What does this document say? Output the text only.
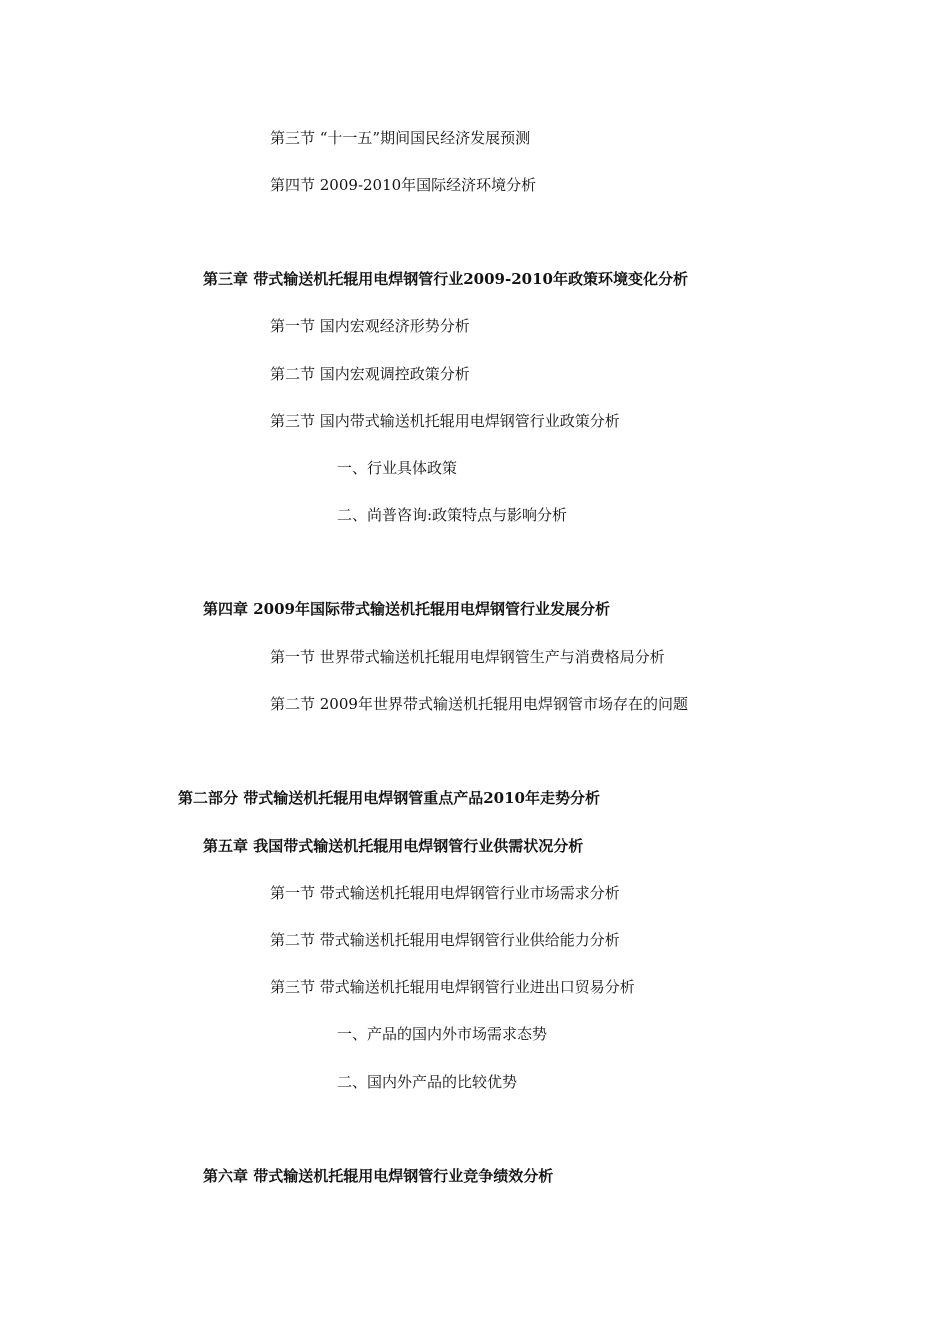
第三节 “十一五”期间国民经济发展预测
第四节 2009-2010年国际经济环境分析
第三章 带式输送机托辊用电焊钢管行业2009-2010年政策环境变化分析
第一节 国内宏观经济形势分析
第二节 国内宏观调控政策分析
第三节 国内带式输送机托辊用电焊钢管行业政策分析
一、行业具体政策
二、尚普咨询:政策特点与影响分析
第四章 2009年国际带式输送机托辊用电焊钢管行业发展分析
第一节 世界带式输送机托辊用电焊钢管生产与消费格局分析
第二节 2009年世界带式输送机托辊用电焊钢管市场存在的问题
第二部分 带式输送机托辊用电焊钢管重点产品2010年走势分析
第五章 我国带式输送机托辊用电焊钢管行业供需状况分析
第一节 带式输送机托辊用电焊钢管行业市场需求分析
第二节 带式输送机托辊用电焊钢管行业供给能力分析
第三节 带式输送机托辊用电焊钢管行业进出口贸易分析
一、产品的国内外市场需求态势
二、国内外产品的比较优势
第六章 带式输送机托辊用电焊钢管行业竞争绩效分析
